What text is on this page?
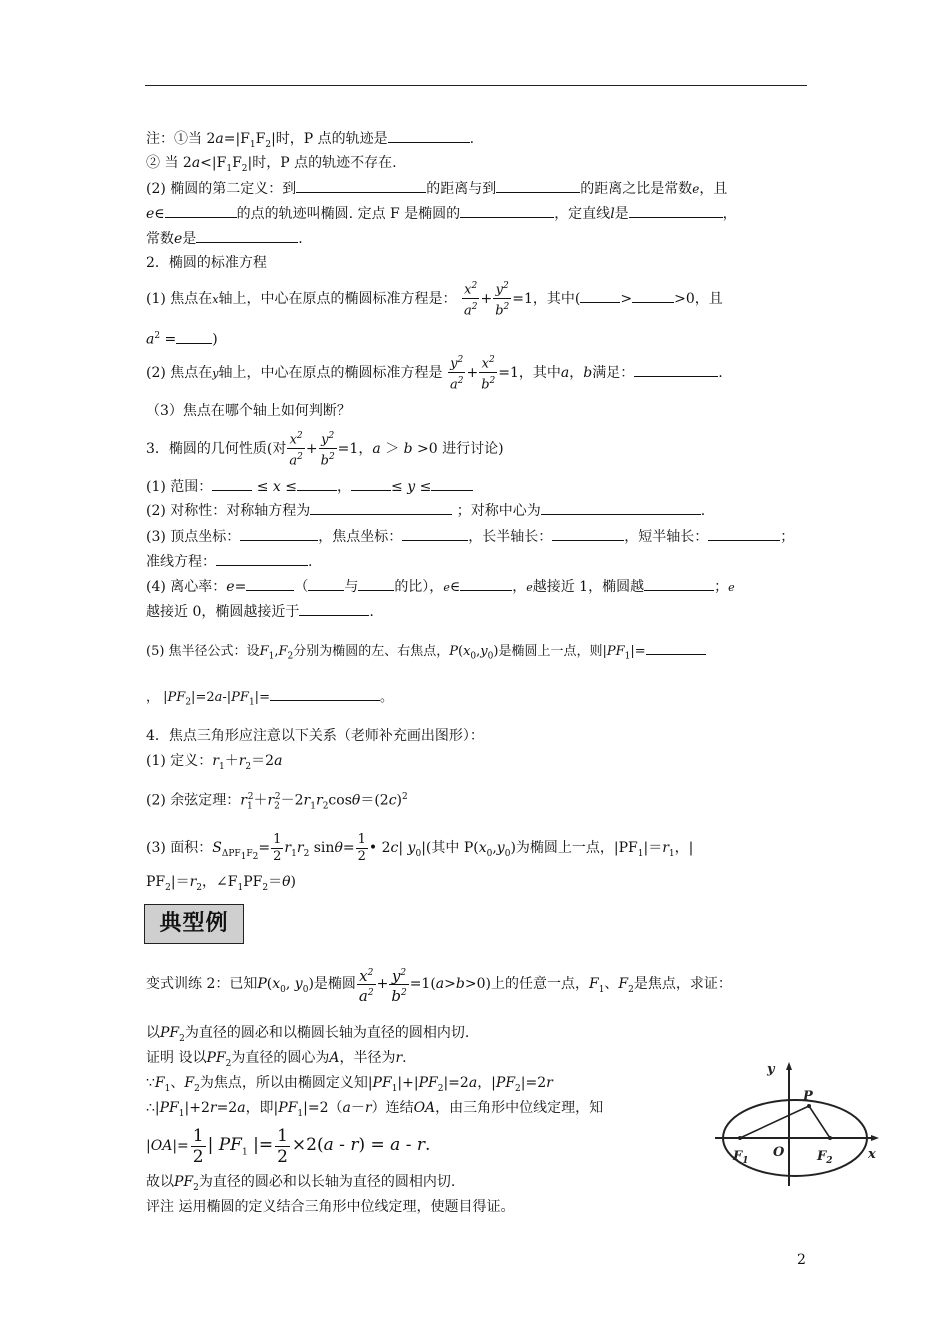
注：①当 $2a=|F_1F_2|$时，P 点的轨迹是	.
② 当 $2a<|F_1F_2|$时，P 点的轨迹不存在.
(2) 椭圆的第二定义：到	的距离与到	的距离之比是常数e，且
e∈	的点的轨迹叫椭圆. 定点 F 是椭圆的	，定直线l是	，
常数e是	.
2．椭圆的标准方程
(1) 焦点在x轴上，中心在原点的椭圆标准方程是： $\frac{x^2}{a^2} + \frac{y^2}{b^2} =1$，其中(	>	>0，且
$a^2$ =	)
(2) 焦点在y轴上，中心在原点的椭圆标准方程是 $\frac{y^2}{a^2} + \frac{x^2}{b^2} =1$，其中a，b满足：	.
（3）焦点在哪个轴上如何判断？
3．椭圆的几何性质(对 $\frac{x^2}{a^2} + \frac{y^2}{b^2} =1$，a ＞ b >0 进行讨论)
(1) 范围：	≤ x ≤	，	≤ y ≤
(2) 对称性：对称轴方程为	；对称中心为	.
(3) 顶点坐标：	，焦点坐标：	，长半轴长：	，短半轴长：	；
准线方程：	.
(4) 离心率：e=	（	与	的比），e∈	，e越接近 1，椭圆越	；e
越接近 0，椭圆越接近于	.
(5) 焦半径公式：设$F_1,F_2$分别为椭圆的左、右焦点，$P(x_0,y_0)$是椭圆上一点，则$|PF_1|=$
， $|PF_2|=2a-|PF_1|=$	。
4．焦点三角形应注意以下关系（老师补充画出图形）：
(1) 定义：$r_1+r_2=2a$
(2) 余弦定理：$r_1^2+r_2^2-2r_1r_2\cos\theta=(2c)^2$
(3) 面积：$S_{\Delta PF_1F_2}= \frac{1}{2} r_1r_2$ $\sin\theta= \frac{1}{2}$ • 2c| $y_0|$(其中 $P(x_0,y_0)$为椭圆上一点，$|PF_1|=r_1$，|
$PF_2|=r_2$，$\angle F_1PF_2=\theta$)
典型例
变式训练 2：已知$P(x_0$, $y_0$)是椭圆 $\frac{x^2}{a^2} + \frac{y^2}{b^2} =1(a>b>0)$上的任意一点，$F_1$、$F_2$是焦点，求证：
以$PF_2$为直径的圆必和以椭圆长轴为直径的圆相内切.
证明 设以$PF_2$为直径的圆心为A，半径为r.
$\because F_1$、$F_2$为焦点，所以由椭圆定义知$|PF_1|+|PF_2|=2a$，$|PF_2|=2r$
$\therefore|PF_1|+2r=2a$，即$|PF_1|=2(a-r)$连结OA，由三角形中位线定理，知
$|OA|= \frac{1}{2}$ | $PF_1$ |= $\frac{1}{2} \times 2(a - r) = a - r$.
故以$PF_2$为直径的圆必和以长轴为直径的圆相内切.
评注 运用椭圆的定义结合三角形中位线定理，使题目得证。
y
x
P
O
$F_1$	$F_2$
2
